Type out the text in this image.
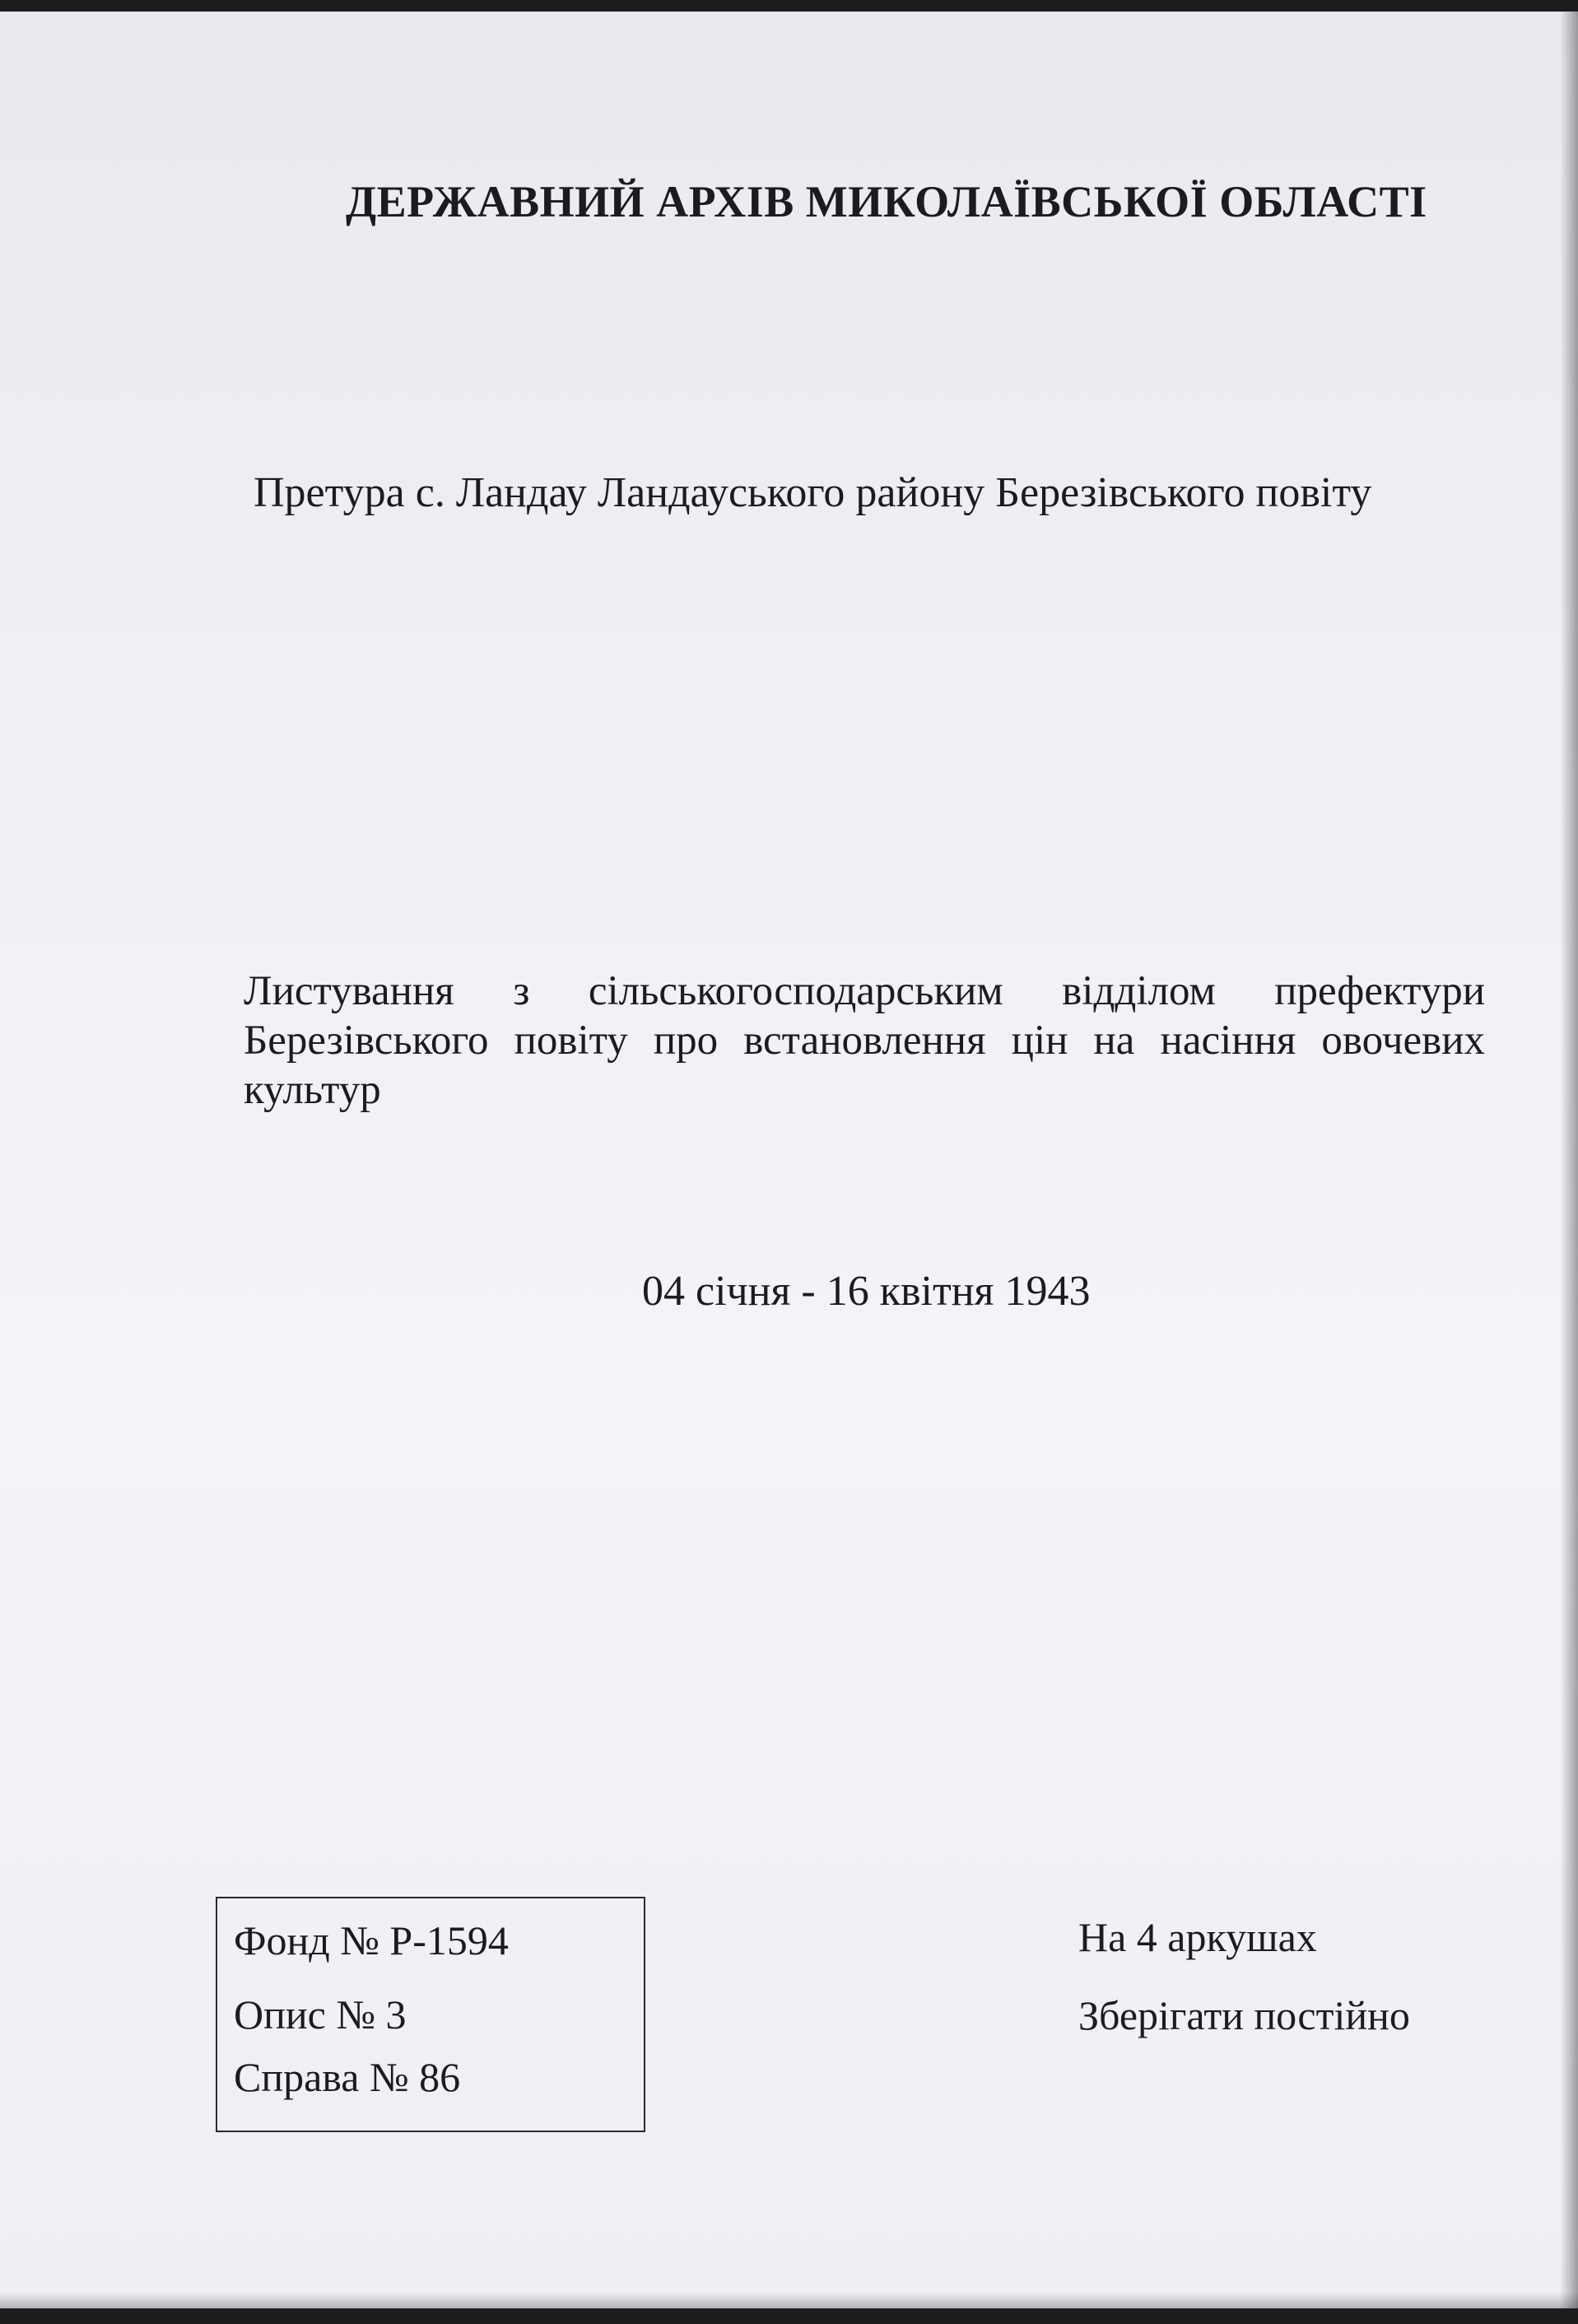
ДЕРЖАВНИЙ АРХІВ МИКОЛАЇВСЬКОЇ ОБЛАСТІ
Претура с. Ландау Ландауського району Березівського повіту
Листування з сільськогосподарським відділом префектури Березівського повіту про встановлення цін на насіння овочевих культур
04 січня - 16 квітня 1943
Фонд № Р-1594
Опис № 3
Справа № 86
На 4 аркушах
Зберігати постійно
